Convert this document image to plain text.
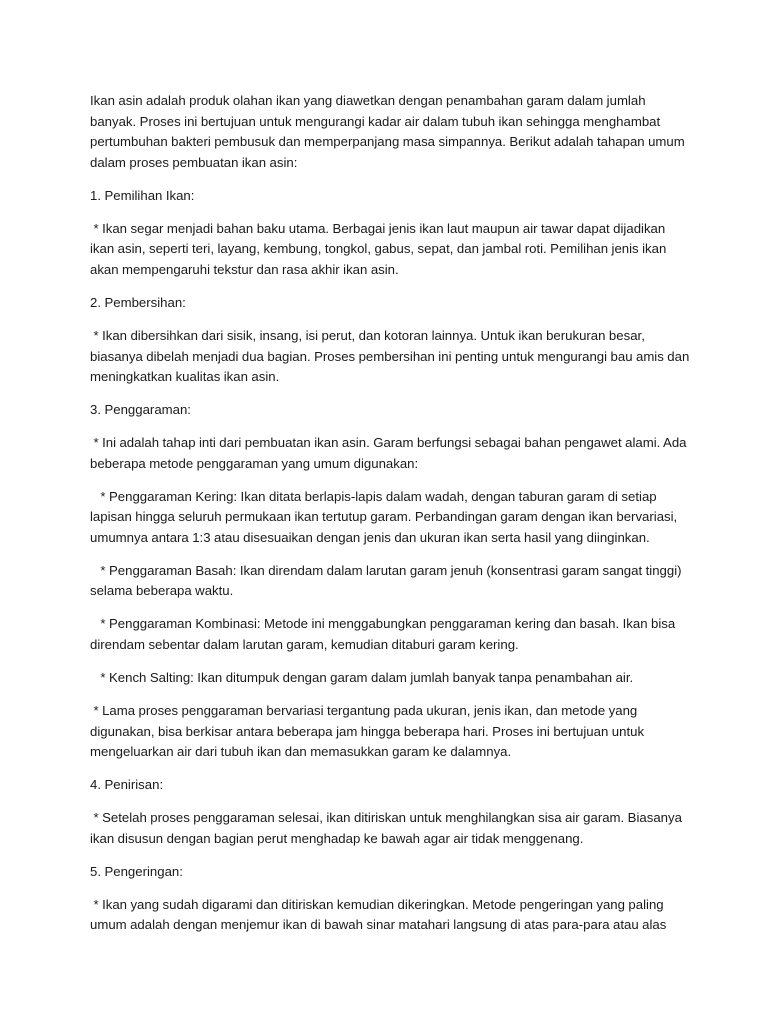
Ikan asin adalah produk olahan ikan yang diawetkan dengan penambahan garam dalam jumlah banyak. Proses ini bertujuan untuk mengurangi kadar air dalam tubuh ikan sehingga menghambat pertumbuhan bakteri pembusuk dan memperpanjang masa simpannya. Berikut adalah tahapan umum dalam proses pembuatan ikan asin:

1. Pemilihan Ikan:

* Ikan segar menjadi bahan baku utama. Berbagai jenis ikan laut maupun air tawar dapat dijadikan ikan asin, seperti teri, layang, kembung, tongkol, gabus, sepat, dan jambal roti. Pemilihan jenis ikan akan mempengaruhi tekstur dan rasa akhir ikan asin.

2. Pembersihan:

* Ikan dibersihkan dari sisik, insang, isi perut, dan kotoran lainnya. Untuk ikan berukuran besar, biasanya dibelah menjadi dua bagian. Proses pembersihan ini penting untuk mengurangi bau amis dan meningkatkan kualitas ikan asin.

3. Penggaraman:

* Ini adalah tahap inti dari pembuatan ikan asin. Garam berfungsi sebagai bahan pengawet alami. Ada beberapa metode penggaraman yang umum digunakan:

* Penggaraman Kering: Ikan ditata berlapis-lapis dalam wadah, dengan taburan garam di setiap lapisan hingga seluruh permukaan ikan tertutup garam. Perbandingan garam dengan ikan bervariasi, umumnya antara 1:3 atau disesuaikan dengan jenis dan ukuran ikan serta hasil yang diinginkan.

* Penggaraman Basah: Ikan direndam dalam larutan garam jenuh (konsentrasi garam sangat tinggi) selama beberapa waktu.

* Penggaraman Kombinasi: Metode ini menggabungkan penggaraman kering dan basah. Ikan bisa direndam sebentar dalam larutan garam, kemudian ditaburi garam kering.

* Kench Salting: Ikan ditumpuk dengan garam dalam jumlah banyak tanpa penambahan air.

* Lama proses penggaraman bervariasi tergantung pada ukuran, jenis ikan, dan metode yang digunakan, bisa berkisar antara beberapa jam hingga beberapa hari. Proses ini bertujuan untuk mengeluarkan air dari tubuh ikan dan memasukkan garam ke dalamnya.

4. Penirisan:

* Setelah proses penggaraman selesai, ikan ditiriskan untuk menghilangkan sisa air garam. Biasanya ikan disusun dengan bagian perut menghadap ke bawah agar air tidak menggenang.

5. Pengeringan:

* Ikan yang sudah digarami dan ditiriskan kemudian dikeringkan. Metode pengeringan yang paling umum adalah dengan menjemur ikan di bawah sinar matahari langsung di atas para-para atau alas
